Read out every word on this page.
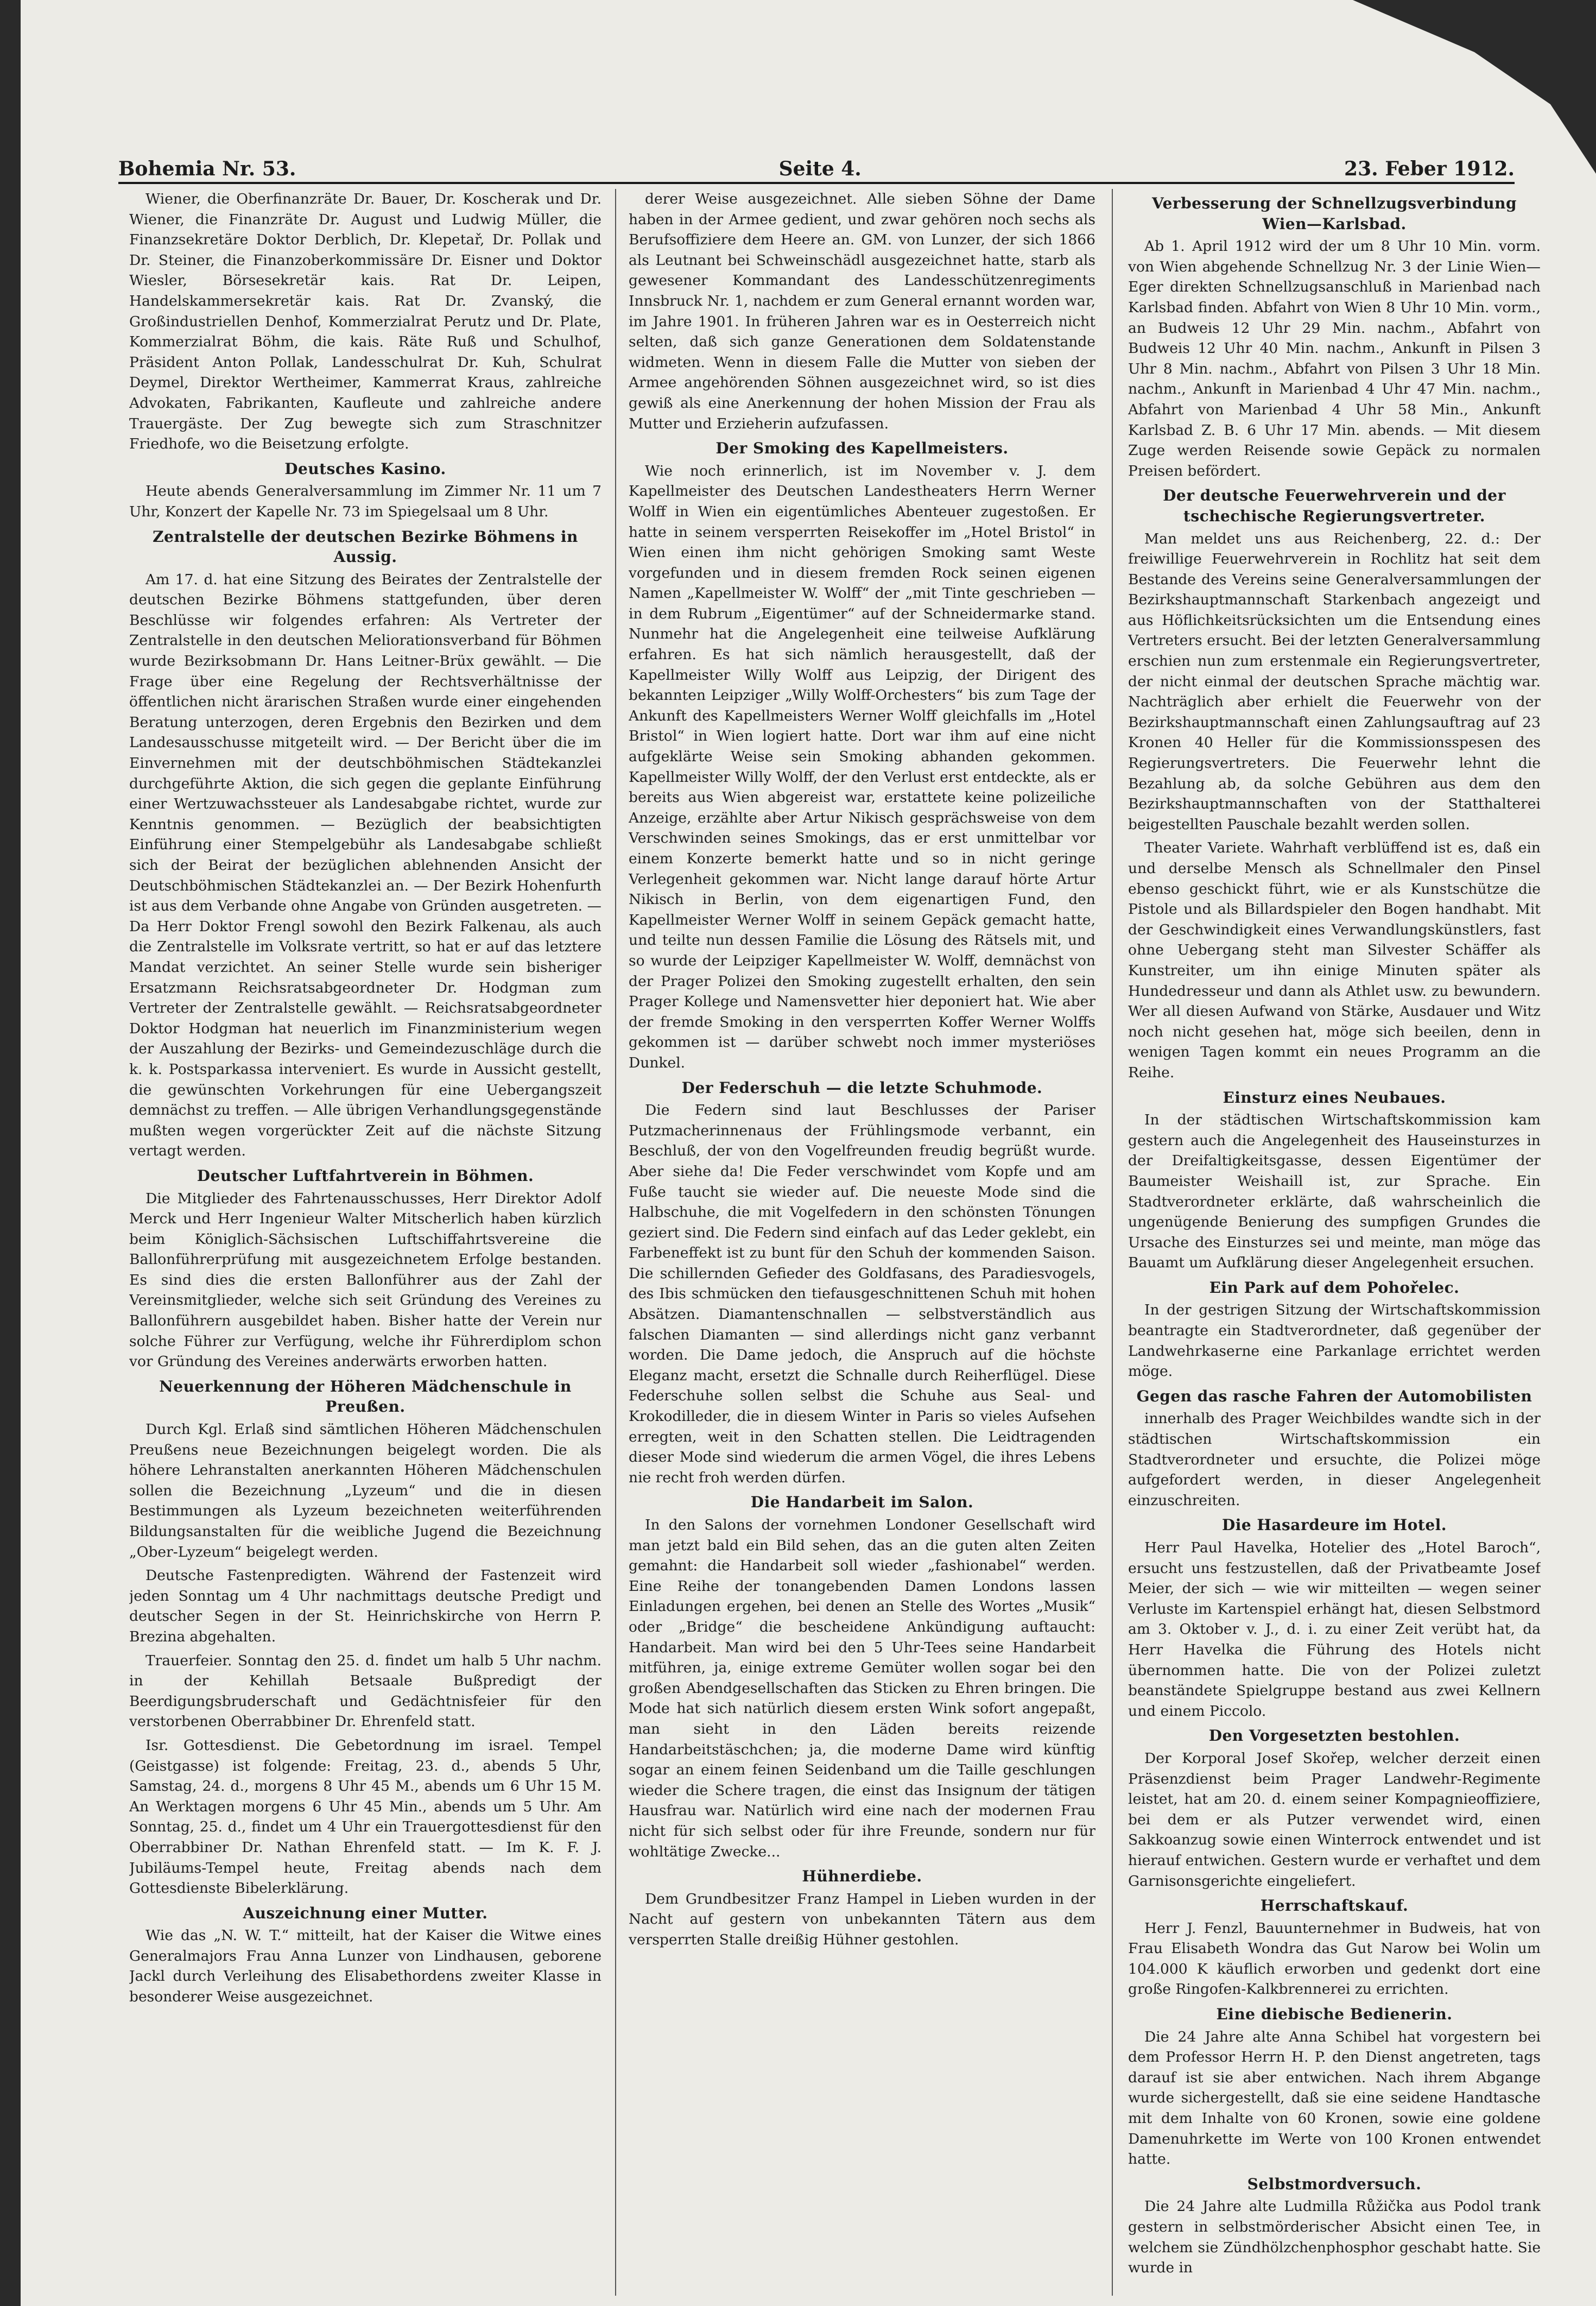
Bohemia Nr. 53.	Seite 4.	23. Feber 1912.

Wiener, die Oberfinanzräte Dr. Bauer, Dr. Koscherak und Dr. Wiener, die Finanzräte Dr. August und Ludwig Müller, die Finanzsekretäre Doktor Derblich, Dr. Klepetař, Dr. Pollak und Dr. Steiner, die Finanzoberkommissäre Dr. Eisner und Doktor Wiesler, Börsesekretär kais. Rat Dr. Leipen, Handelskammersekretär kais. Rat Dr. Zvanský, die Großindustriellen Denhof, Kommerzialrat Perutz und Dr. Plate, Kommerzialrat Böhm, die kais. Räte Ruß und Schulhof, Präsident Anton Pollak, Landesschulrat Dr. Kuh, Schulrat Deymel, Direktor Wertheimer, Kammerrat Kraus, zahlreiche Advokaten, Fabrikanten, Kaufleute und zahlreiche andere Trauergäste. Der Zug bewegte sich zum Straschnitzer Friedhofe, wo die Beisetzung erfolgte.

Deutsches Kasino.

Heute abends Generalversammlung im Zimmer Nr. 11 um 7 Uhr, Konzert der Kapelle Nr. 73 im Spiegelsaal um 8 Uhr.

Zentralstelle der deutschen Bezirke Böhmens in Aussig.

Am 17. d. hat eine Sitzung des Beirates der Zentralstelle der deutschen Bezirke Böhmens stattgefunden, über deren Beschlüsse wir folgendes erfahren: Als Vertreter der Zentralstelle in den deutschen Meliorationsverband für Böhmen wurde Bezirksobmann Dr. Hans Leitner-Brüx gewählt. — Die Frage über eine Regelung der Rechtsverhältnisse der öffentlichen nicht ärarischen Straßen wurde einer eingehenden Beratung unterzogen, deren Ergebnis den Bezirken und dem Landesausschusse mitgeteilt wird. — Der Bericht über die im Einvernehmen mit der deutschböhmischen Städtekanzlei durchgeführte Aktion, die sich gegen die geplante Einführung einer Wertzuwachssteuer als Landesabgabe richtet, wurde zur Kenntnis genommen. — Bezüglich der beabsichtigten Einführung einer Stempelgebühr als Landesabgabe schließt sich der Beirat der bezüglichen ablehnenden Ansicht der Deutschböhmischen Städtekanzlei an. — Der Bezirk Hohenfurth ist aus dem Verbande ohne Angabe von Gründen ausgetreten. — Da Herr Doktor Frengl sowohl den Bezirk Falkenau, als auch die Zentralstelle im Volksrate vertritt, so hat er auf das letztere Mandat verzichtet. An seiner Stelle wurde sein bisheriger Ersatzmann Reichsratsabgeordneter Dr. Hodgman zum Vertreter der Zentralstelle gewählt. — Reichsratsabgeordneter Doktor Hodgman hat neuerlich im Finanzministerium wegen der Auszahlung der Bezirks- und Gemeindezuschläge durch die k. k. Postsparkassa interveniert. Es wurde in Aussicht gestellt, die gewünschten Vorkehrungen für eine Uebergangszeit demnächst zu treffen. — Alle übrigen Verhandlungsgegenstände mußten wegen vorgerückter Zeit auf die nächste Sitzung vertagt werden.

Deutscher Luftfahrtverein in Böhmen.

Die Mitglieder des Fahrtenausschusses, Herr Direktor Adolf Merck und Herr Ingenieur Walter Mitscherlich haben kürzlich beim Königlich-Sächsischen Luftschiffahrtsvereine die Ballonführerprüfung mit ausgezeichnetem Erfolge bestanden. Es sind dies die ersten Ballonführer aus der Zahl der Vereinsmitglieder, welche sich seit Gründung des Vereines zu Ballonführern ausgebildet haben. Bisher hatte der Verein nur solche Führer zur Verfügung, welche ihr Führerdiplom schon vor Gründung des Vereines anderwärts erworben hatten.

Neuerkennung der Höheren Mädchenschule in Preußen.

Durch Kgl. Erlaß sind sämtlichen Höheren Mädchenschulen Preußens neue Bezeichnungen beigelegt worden. Die als höhere Lehranstalten anerkannten Höheren Mädchenschulen sollen die Bezeichnung „Lyzeum“ und die in diesen Bestimmungen als Lyzeum bezeichneten weiterführenden Bildungsanstalten für die weibliche Jugend die Bezeichnung „Ober-Lyzeum“ beigelegt werden.

Deutsche Fastenpredigten. Während der Fastenzeit wird jeden Sonntag um 4 Uhr nachmittags deutsche Predigt und deutscher Segen in der St. Heinrichskirche von Herrn P. Brezina abgehalten.

Trauerfeier. Sonntag den 25. d. findet um halb 5 Uhr nachm. in der Kehillah Betsaale Bußpredigt der Beerdigungsbruderschaft und Gedächtnisfeier für den verstorbenen Oberrabbiner Dr. Ehrenfeld statt.

Isr. Gottesdienst. Die Gebetordnung im israel. Tempel (Geistgasse) ist folgende: Freitag, 23. d., abends 5 Uhr, Samstag, 24. d., morgens 8 Uhr 45 M., abends um 6 Uhr 15 M. An Werktagen morgens 6 Uhr 45 Min., abends um 5 Uhr. Am Sonntag, 25. d., findet um 4 Uhr ein Trauergottesdienst für den Oberrabbiner Dr. Nathan Ehrenfeld statt. — Im K. F. J. Jubiläums-Tempel heute, Freitag abends nach dem Gottesdienste Bibelerklärung.

Auszeichnung einer Mutter.

Wie das „N. W. T.“ mitteilt, hat der Kaiser die Witwe eines Generalmajors Frau Anna Lunzer von Lindhausen, geborene Jackl durch Verleihung des Elisabethordens zweiter Klasse in besonderer Weise ausgezeichnet.

derer Weise ausgezeichnet. Alle sieben Söhne der Dame haben in der Armee gedient, und zwar gehören noch sechs als Berufsoffiziere dem Heere an. GM. von Lunzer, der sich 1866 als Leutnant bei Schweinschädl ausgezeichnet hatte, starb als gewesener Kommandant des Landesschützenregiments Innsbruck Nr. 1, nachdem er zum General ernannt worden war, im Jahre 1901. In früheren Jahren war es in Oesterreich nicht selten, daß sich ganze Generationen dem Soldatenstande widmeten. Wenn in diesem Falle die Mutter von sieben der Armee angehörenden Söhnen ausgezeichnet wird, so ist dies gewiß als eine Anerkennung der hohen Mission der Frau als Mutter und Erzieherin aufzufassen.

Der Smoking des Kapellmeisters.

Wie noch erinnerlich, ist im November v. J. dem Kapellmeister des Deutschen Landestheaters Herrn Werner Wolff in Wien ein eigentümliches Abenteuer zugestoßen. Er hatte in seinem versperrten Reisekoffer im „Hotel Bristol“ in Wien einen ihm nicht gehörigen Smoking samt Weste vorgefunden und in diesem fremden Rock seinen eigenen Namen „Kapellmeister W. Wolff“ der „mit Tinte geschrieben — in dem Rubrum „Eigentümer“ auf der Schneidermarke stand. Nunmehr hat die Angelegenheit eine teilweise Aufklärung erfahren. Es hat sich nämlich herausgestellt, daß der Kapellmeister Willy Wolff aus Leipzig, der Dirigent des bekannten Leipziger „Willy Wolff-Orchesters“ bis zum Tage der Ankunft des Kapellmeisters Werner Wolff gleichfalls im „Hotel Bristol“ in Wien logiert hatte. Dort war ihm auf eine nicht aufgeklärte Weise sein Smoking abhanden gekommen. Kapellmeister Willy Wolff, der den Verlust erst entdeckte, als er bereits aus Wien abgereist war, erstattete keine polizeiliche Anzeige, erzählte aber Artur Nikisch gesprächsweise von dem Verschwinden seines Smokings, das er erst unmittelbar vor einem Konzerte bemerkt hatte und so in nicht geringe Verlegenheit gekommen war. Nicht lange darauf hörte Artur Nikisch in Berlin, von dem eigenartigen Fund, den Kapellmeister Werner Wolff in seinem Gepäck gemacht hatte, und teilte nun dessen Familie die Lösung des Rätsels mit, und so wurde der Leipziger Kapellmeister W. Wolff, demnächst von der Prager Polizei den Smoking zugestellt erhalten, den sein Prager Kollege und Namensvetter hier deponiert hat. Wie aber der fremde Smoking in den versperrten Koffer Werner Wolffs gekommen ist — darüber schwebt noch immer mysteriöses Dunkel.

Der Federschuh — die letzte Schuhmode.

Die Federn sind laut Beschlusses der Pariser Putzmacherinnenaus der Frühlingsmode verbannt, ein Beschluß, der von den Vogelfreunden freudig begrüßt wurde. Aber siehe da! Die Feder verschwindet vom Kopfe und am Fuße taucht sie wieder auf. Die neueste Mode sind die Halbschuhe, die mit Vogelfedern in den schönsten Tönungen geziert sind. Die Federn sind einfach auf das Leder geklebt, ein Farbeneffekt ist zu bunt für den Schuh der kommenden Saison. Die schillernden Gefieder des Goldfasans, des Paradiesvogels, des Ibis schmücken den tiefausgeschnittenen Schuh mit hohen Absätzen. Diamantenschnallen — selbstverständlich aus falschen Diamanten — sind allerdings nicht ganz verbannt worden. Die Dame jedoch, die Anspruch auf die höchste Eleganz macht, ersetzt die Schnalle durch Reiherflügel. Diese Federschuhe sollen selbst die Schuhe aus Seal- und Krokodilleder, die in diesem Winter in Paris so vieles Aufsehen erregten, weit in den Schatten stellen. Die Leidtragenden dieser Mode sind wiederum die armen Vögel, die ihres Lebens nie recht froh werden dürfen.

Die Handarbeit im Salon.

In den Salons der vornehmen Londoner Gesellschaft wird man jetzt bald ein Bild sehen, das an die guten alten Zeiten gemahnt: die Handarbeit soll wieder „fashionabel“ werden. Eine Reihe der tonangebenden Damen Londons lassen Einladungen ergehen, bei denen an Stelle des Wortes „Musik“ oder „Bridge“ die bescheidene Ankündigung auftaucht: Handarbeit. Man wird bei den 5 Uhr-Tees seine Handarbeit mitführen, ja, einige extreme Gemüter wollen sogar bei den großen Abendgesellschaften das Sticken zu Ehren bringen. Die Mode hat sich natürlich diesem ersten Wink sofort angepaßt, man sieht in den Läden bereits reizende Handarbeitstäschchen; ja, die moderne Dame wird künftig sogar an einem feinen Seidenband um die Taille geschlungen wieder die Schere tragen, die einst das Insignum der tätigen Hausfrau war. Natürlich wird eine nach der modernen Frau nicht für sich selbst oder für ihre Freunde, sondern nur für wohltätige Zwecke...

Hühnerdiebe.

Dem Grundbesitzer Franz Hampel in Lieben wurden in der Nacht auf gestern von unbekannten Tätern aus dem versperrten Stalle dreißig Hühner gestohlen.

Verbesserung der Schnellzugsverbindung Wien—Karlsbad.

Ab 1. April 1912 wird der um 8 Uhr 10 Min. vorm. von Wien abgehende Schnellzug Nr. 3 der Linie Wien—Eger direkten Schnellzugsanschluß in Marienbad nach Karlsbad finden. Abfahrt von Wien 8 Uhr 10 Min. vorm., an Budweis 12 Uhr 29 Min. nachm., Abfahrt von Budweis 12 Uhr 40 Min. nachm., Ankunft in Pilsen 3 Uhr 8 Min. nachm., Abfahrt von Pilsen 3 Uhr 18 Min. nachm., Ankunft in Marienbad 4 Uhr 47 Min. nachm., Abfahrt von Marienbad 4 Uhr 58 Min., Ankunft Karlsbad Z. B. 6 Uhr 17 Min. abends. — Mit diesem Zuge werden Reisende sowie Gepäck zu normalen Preisen befördert.

Der deutsche Feuerwehrverein und der tschechische Regierungsvertreter.

Man meldet uns aus Reichenberg, 22. d.: Der freiwillige Feuerwehrverein in Rochlitz hat seit dem Bestande des Vereins seine Generalversammlungen der Bezirkshauptmannschaft Starkenbach angezeigt und aus Höflichkeitsrücksichten um die Entsendung eines Vertreters ersucht. Bei der letzten Generalversammlung erschien nun zum erstenmale ein Regierungsvertreter, der nicht einmal der deutschen Sprache mächtig war. Nachträglich aber erhielt die Feuerwehr von der Bezirkshauptmannschaft einen Zahlungsauftrag auf 23 Kronen 40 Heller für die Kommissionsspesen des Regierungsvertreters. Die Feuerwehr lehnt die Bezahlung ab, da solche Gebühren aus dem den Bezirkshauptmannschaften von der Statthalterei beigestellten Pauschale bezahlt werden sollen.

Theater Variete. Wahrhaft verblüffend ist es, daß ein und derselbe Mensch als Schnellmaler den Pinsel ebenso geschickt führt, wie er als Kunstschütze die Pistole und als Billardspieler den Bogen handhabt. Mit der Geschwindigkeit eines Verwandlungskünstlers, fast ohne Uebergang steht man Silvester Schäffer als Kunstreiter, um ihn einige Minuten später als Hundedresseur und dann als Athlet usw. zu bewundern. Wer all diesen Aufwand von Stärke, Ausdauer und Witz noch nicht gesehen hat, möge sich beeilen, denn in wenigen Tagen kommt ein neues Programm an die Reihe.

Einsturz eines Neubaues.

In der städtischen Wirtschaftskommission kam gestern auch die Angelegenheit des Hauseinsturzes in der Dreifaltigkeitsgasse, dessen Eigentümer der Baumeister Weishaill ist, zur Sprache. Ein Stadtverordneter erklärte, daß wahrscheinlich die ungenügende Benierung des sumpfigen Grundes die Ursache des Einsturzes sei und meinte, man möge das Bauamt um Aufklärung dieser Angelegenheit ersuchen.

Ein Park auf dem Pohořelec.

In der gestrigen Sitzung der Wirtschaftskommission beantragte ein Stadtverordneter, daß gegenüber der Landwehrkaserne eine Parkanlage errichtet werden möge.

Gegen das rasche Fahren der Automobilisten

innerhalb des Prager Weichbildes wandte sich in der städtischen Wirtschaftskommission ein Stadtverordneter und ersuchte, die Polizei möge aufgefordert werden, in dieser Angelegenheit einzuschreiten.

Die Hasardeure im Hotel.

Herr Paul Havelka, Hotelier des „Hotel Baroch“, ersucht uns festzustellen, daß der Privatbeamte Josef Meier, der sich — wie wir mitteilten — wegen seiner Verluste im Kartenspiel erhängt hat, diesen Selbstmord am 3. Oktober v. J., d. i. zu einer Zeit verübt hat, da Herr Havelka die Führung des Hotels nicht übernommen hatte. Die von der Polizei zuletzt beanständete Spielgruppe bestand aus zwei Kellnern und einem Piccolo.

Den Vorgesetzten bestohlen.

Der Korporal Josef Skořep, welcher derzeit einen Präsenzdienst beim Prager Landwehr-Regimente leistet, hat am 20. d. einem seiner Kompagnieoffiziere, bei dem er als Putzer verwendet wird, einen Sakkoanzug sowie einen Winterrock entwendet und ist hierauf entwichen. Gestern wurde er verhaftet und dem Garnisonsgerichte eingeliefert.

Herrschaftskauf.

Herr J. Fenzl, Bauunternehmer in Budweis, hat von Frau Elisabeth Wondra das Gut Narow bei Wolin um 104.000 K käuflich erworben und gedenkt dort eine große Ringofen-Kalkbrennerei zu errichten.

Eine diebische Bedienerin.

Die 24 Jahre alte Anna Schibel hat vorgestern bei dem Professor Herrn H. P. den Dienst angetreten, tags darauf ist sie aber entwichen. Nach ihrem Abgange wurde sichergestellt, daß sie eine seidene Handtasche mit dem Inhalte von 60 Kronen, sowie eine goldene Damenuhrkette im Werte von 100 Kronen entwendet hatte.

Selbstmordversuch.

Die 24 Jahre alte Ludmilla Růžička aus Podol trank gestern in selbstmörderischer Absicht einen Tee, in welchem sie Zündhölzchenphosphor geschabt hatte. Sie wurde in
